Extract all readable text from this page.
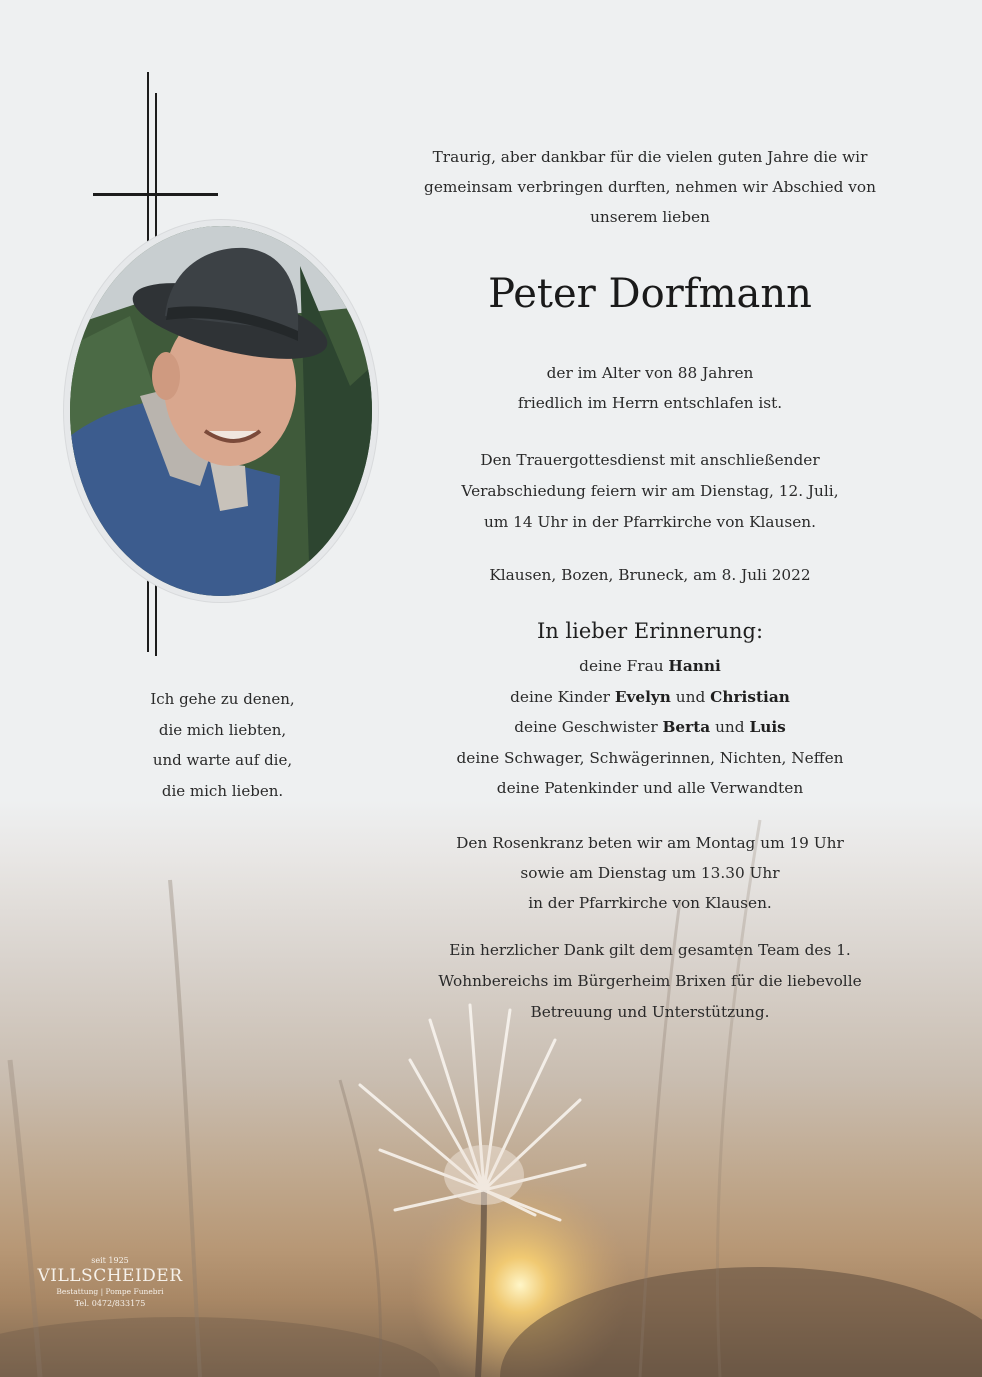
Ich gehe zu denen,
die mich liebten,
und warte auf die,
die mich lieben.
Traurig, aber dankbar für die vielen guten Jahre die wir
gemeinsam verbringen durften, nehmen wir Abschied von
unserem lieben
Peter Dorfmann
der im Alter von 88 Jahren
friedlich im Herrn entschlafen ist.
Den Trauergottesdienst mit anschließender
Verabschiedung feiern wir am Dienstag, 12. Juli,
um 14 Uhr in der Pfarrkirche von Klausen.
Klausen, Bozen, Bruneck, am 8. Juli 2022
In lieber Erinnerung:
deine Frau Hanni
deine Kinder Evelyn und Christian
deine Geschwister Berta und Luis
deine Schwager, Schwägerinnen, Nichten, Neffen
deine Patenkinder und alle Verwandten
Den Rosenkranz beten wir am Montag um 19 Uhr
sowie am Dienstag um 13.30 Uhr
in der Pfarrkirche von Klausen.
Ein herzlicher Dank gilt dem gesamten Team des 1.
Wohnbereichs im Bürgerheim Brixen für die liebevolle
Betreuung und Unterstützung.
seit 1925
VILLSCHEIDER
Bestattung | Pompe Funebri
Tel. 0472/833175
